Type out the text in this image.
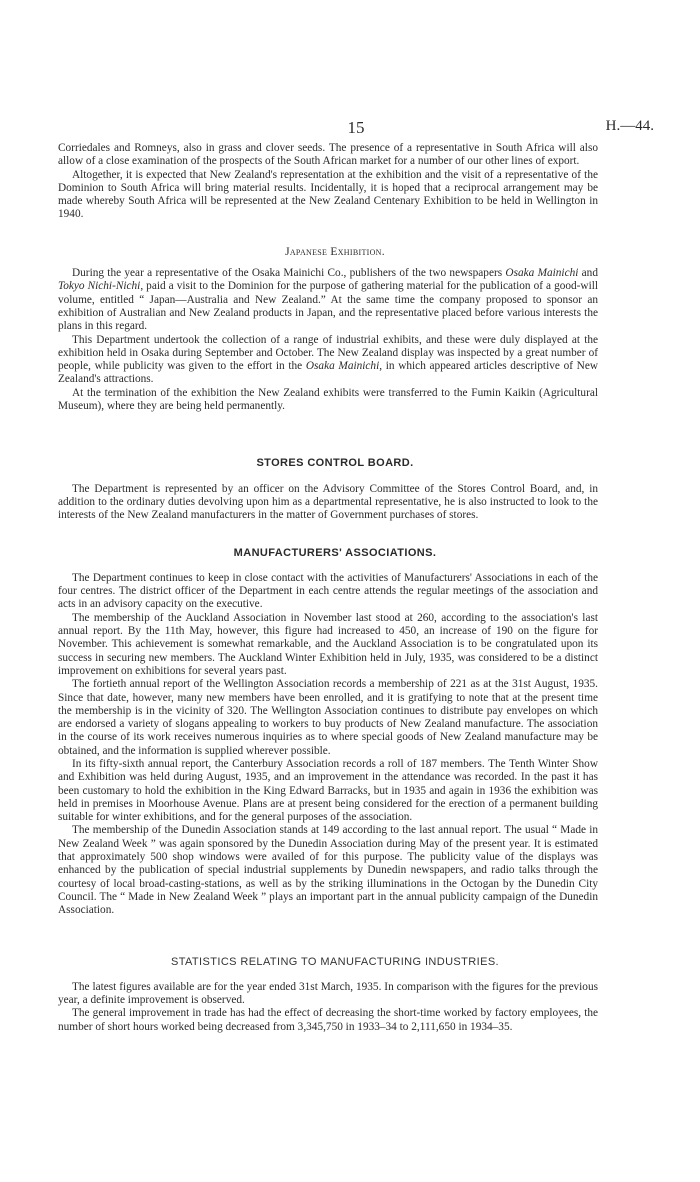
15	H.—44.

Corriedales and Romneys, also in grass and clover seeds. The presence of a representative in South Africa will also allow of a close examination of the prospects of the South African market for a number of our other lines of export.

Altogether, it is expected that New Zealand's representation at the exhibition and the visit of a representative of the Dominion to South Africa will bring material results. Incidentally, it is hoped that a reciprocal arrangement may be made whereby South Africa will be represented at the New Zealand Centenary Exhibition to be held in Wellington in 1940.

Japanese Exhibition.

During the year a representative of the Osaka Mainichi Co., publishers of the two newspapers Osaka Mainichi and Tokyo Nichi-Nichi, paid a visit to the Dominion for the purpose of gathering material for the publication of a good-will volume, entitled “ Japan—Australia and New Zealand.” At the same time the company proposed to sponsor an exhibition of Australian and New Zealand products in Japan, and the representative placed before various interests the plans in this regard.

This Department undertook the collection of a range of industrial exhibits, and these were duly displayed at the exhibition held in Osaka during September and October. The New Zealand display was inspected by a great number of people, while publicity was given to the effort in the Osaka Mainichi, in which appeared articles descriptive of New Zealand's attractions.

At the termination of the exhibition the New Zealand exhibits were transferred to the Fumin Kaikin (Agricultural Museum), where they are being held permanently.

STORES CONTROL BOARD.

The Department is represented by an officer on the Advisory Committee of the Stores Control Board, and, in addition to the ordinary duties devolving upon him as a departmental representative, he is also instructed to look to the interests of the New Zealand manufacturers in the matter of Government purchases of stores.

MANUFACTURERS' ASSOCIATIONS.

The Department continues to keep in close contact with the activities of Manufacturers' Associations in each of the four centres. The district officer of the Department in each centre attends the regular meetings of the association and acts in an advisory capacity on the executive.

The membership of the Auckland Association in November last stood at 260, according to the association's last annual report. By the 11th May, however, this figure had increased to 450, an increase of 190 on the figure for November. This achievement is somewhat remarkable, and the Auckland Association is to be congratulated upon its success in securing new members. The Auckland Winter Exhibition held in July, 1935, was considered to be a distinct improvement on exhibitions for several years past.

The fortieth annual report of the Wellington Association records a membership of 221 as at the 31st August, 1935. Since that date, however, many new members have been enrolled, and it is gratifying to note that at the present time the membership is in the vicinity of 320. The Wellington Association continues to distribute pay envelopes on which are endorsed a variety of slogans appealing to workers to buy products of New Zealand manufacture. The association in the course of its work receives numerous inquiries as to where special goods of New Zealand manufacture may be obtained, and the information is supplied wherever possible.

In its fifty-sixth annual report, the Canterbury Association records a roll of 187 members. The Tenth Winter Show and Exhibition was held during August, 1935, and an improvement in the attendance was recorded. In the past it has been customary to hold the exhibition in the King Edward Barracks, but in 1935 and again in 1936 the exhibition was held in premises in Moorhouse Avenue. Plans are at present being considered for the erection of a permanent building suitable for winter exhibitions, and for the general purposes of the association.

The membership of the Dunedin Association stands at 149 according to the last annual report. The usual “ Made in New Zealand Week ” was again sponsored by the Dunedin Association during May of the present year. It is estimated that approximately 500 shop windows were availed of for this purpose. The publicity value of the displays was enhanced by the publication of special industrial supplements by Dunedin newspapers, and radio talks through the courtesy of local broad-casting-stations, as well as by the striking illuminations in the Octogan by the Dunedin City Council. The “ Made in New Zealand Week ” plays an important part in the annual publicity campaign of the Dunedin Association.

STATISTICS RELATING TO MANUFACTURING INDUSTRIES.

The latest figures available are for the year ended 31st March, 1935. In comparison with the figures for the previous year, a definite improvement is observed.

The general improvement in trade has had the effect of decreasing the short-time worked by factory employees, the number of short hours worked being decreased from 3,345,750 in 1933–34 to 2,111,650 in 1934–35.
